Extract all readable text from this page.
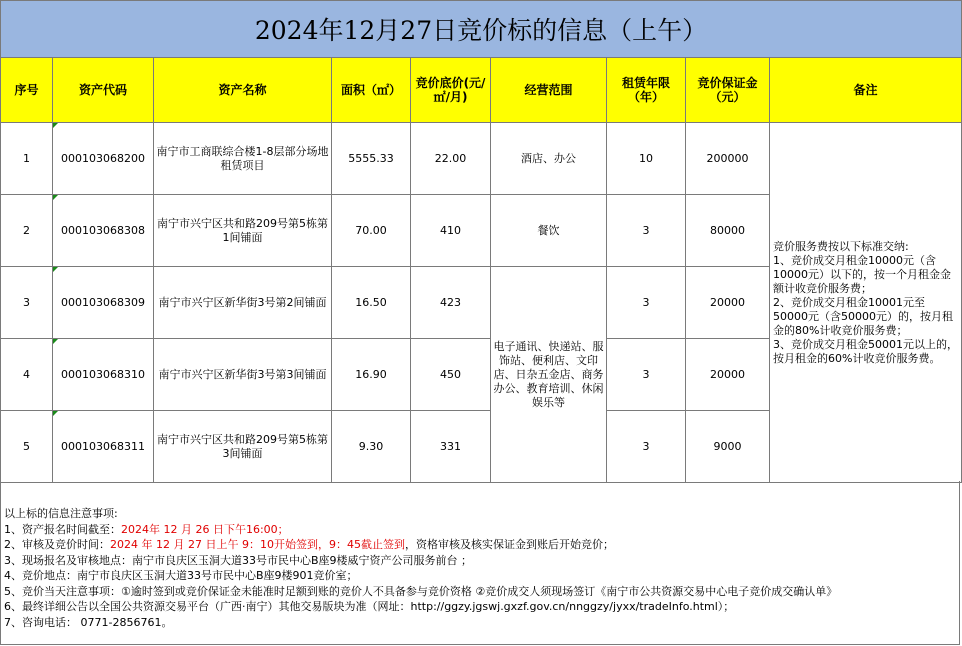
2024年12月27日竞价标的信息（上午）
序号	资产代码	资产名称	面积（㎡）	竞价底价(元/㎡/月)	经营范围	租赁年限（年）	竞价保证金（元）	备注
1	000103068200	南宁市工商联综合楼1-8层部分场地租赁项目	5555.33	22.00	酒店、办公	10	200000	竞价服务费按以下标准交纳:
1、竞价成交月租金10000元（含10000元）以下的，按一个月租金金额计收竞价服务费；
2、竞价成交月租金10001元至50000元（含50000元）的，按月租金的80%计收竞价服务费；
3、竞价成交月租金50001元以上的，按月租金的60%计收竞价服务费。

2	000103068308	南宁市兴宁区共和路209号第5栋第1间铺面	70.00	410	餐饮	3	80000	
3	000103068309	南宁市兴宁区新华街3号第2间铺面	16.50	423	电子通讯、快递站、服饰站、便利店、文印店、日杂五金店、商务办公、教育培训、休闲娱乐等	3	20000	
4	000103068310	南宁市兴宁区新华街3号第3间铺面	16.90	450		3	20000	
5	000103068311	南宁市兴宁区共和路209号第5栋第3间铺面	9.30	331		3	9000	
以上标的信息注意事项:
1、资产报名时间截至：2024年 12 月 26 日下午16:00；
2、审核及竞价时间：2024 年 12 月 27 日上午 9：10开始签到，9：45截止签到，资格审核及核实保证金到账后开始竞价；
3、现场报名及审核地点：南宁市良庆区玉洞大道33号市民中心B座9楼威宁资产公司服务前台 ；
4、竞价地点：南宁市良庆区玉洞大道33号市民中心B座9楼901竞价室；
5、竞价当天注意事项：①逾时签到或竞价保证金未能准时足额到账的竞价人不具备参与竞价资格 ②竞价成交人须现场签订《南宁市公共资源交易中心电子竞价成交确认单》
6、最终详细公告以全国公共资源交易平台（广西·南宁）其他交易版块为准（网址：http://ggzy.jgswj.gxzf.gov.cn/nnggzy/jyxx/tradeInfo.html）；
7、咨询电话： 0771-2856761。
